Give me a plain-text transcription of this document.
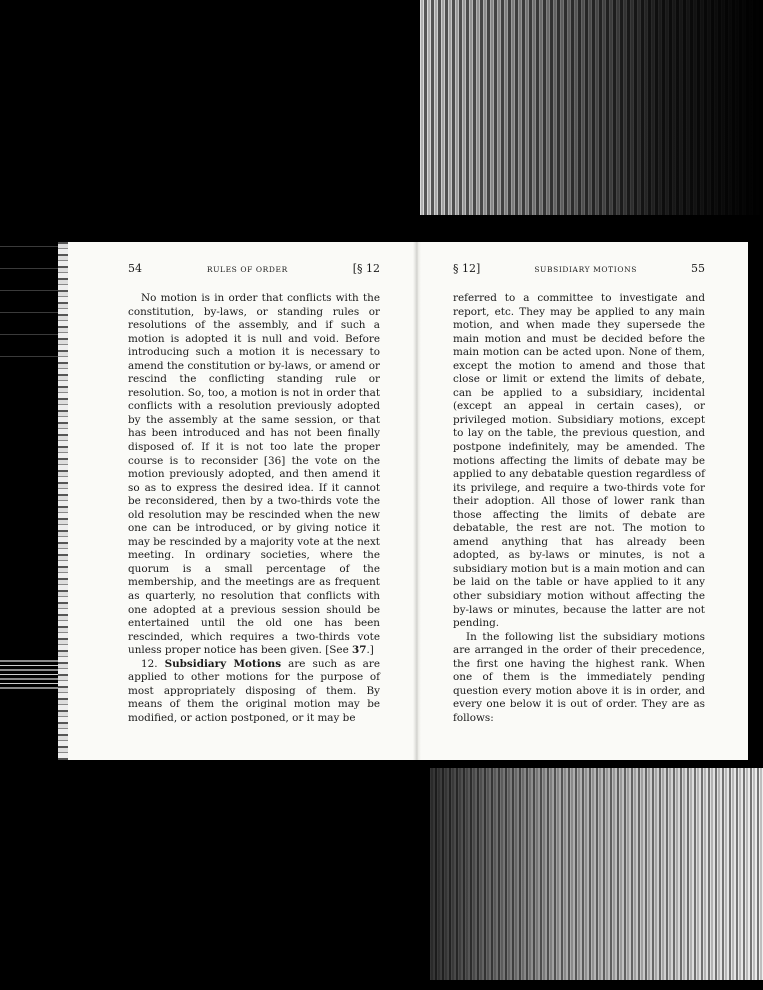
54	RULES OF ORDER	[§ 12

No motion is in order that conflicts with the constitution, by-laws, or standing rules or resolutions of the assembly, and if such a motion is adopted it is null and void. Before introducing such a motion it is necessary to amend the constitution or by-laws, or amend or rescind the conflicting standing rule or resolution. So, too, a motion is not in order that conflicts with a resolution previously adopted by the assembly at the same session, or that has been introduced and has not been finally disposed of. If it is not too late the proper course is to reconsider [36] the vote on the motion previously adopted, and then amend it so as to express the desired idea. If it cannot be reconsidered, then by a two-thirds vote the old resolution may be rescinded when the new one can be introduced, or by giving notice it may be rescinded by a majority vote at the next meeting. In ordinary societies, where the quorum is a small percentage of the membership, and the meetings are as frequent as quarterly, no resolution that conflicts with one adopted at a previous session should be entertained until the old one has been rescinded, which requires a two-thirds vote unless proper notice has been given. [See 37.]

12. Subsidiary Motions are such as are applied to other motions for the purpose of most appropriately disposing of them. By means of them the original motion may be modified, or action postponed, or it may be

§ 12]	SUBSIDIARY MOTIONS	55

referred to a committee to investigate and report, etc. They may be applied to any main motion, and when made they supersede the main motion and must be decided before the main motion can be acted upon. None of them, except the motion to amend and those that close or limit or extend the limits of debate, can be applied to a subsidiary, incidental (except an appeal in certain cases), or privileged motion. Subsidiary motions, except to lay on the table, the previous question, and postpone indefinitely, may be amended. The motions affecting the limits of debate may be applied to any debatable question regardless of its privilege, and require a two-thirds vote for their adoption. All those of lower rank than those affecting the limits of debate are debatable, the rest are not. The motion to amend anything that has already been adopted, as by-laws or minutes, is not a subsidiary motion but is a main motion and can be laid on the table or have applied to it any other subsidiary motion without affecting the by-laws or minutes, because the latter are not pending.

In the following list the subsidiary motions are arranged in the order of their precedence, the first one having the highest rank. When one of them is the immediately pending question every motion above it is in order, and every one below it is out of order. They are as follows:
